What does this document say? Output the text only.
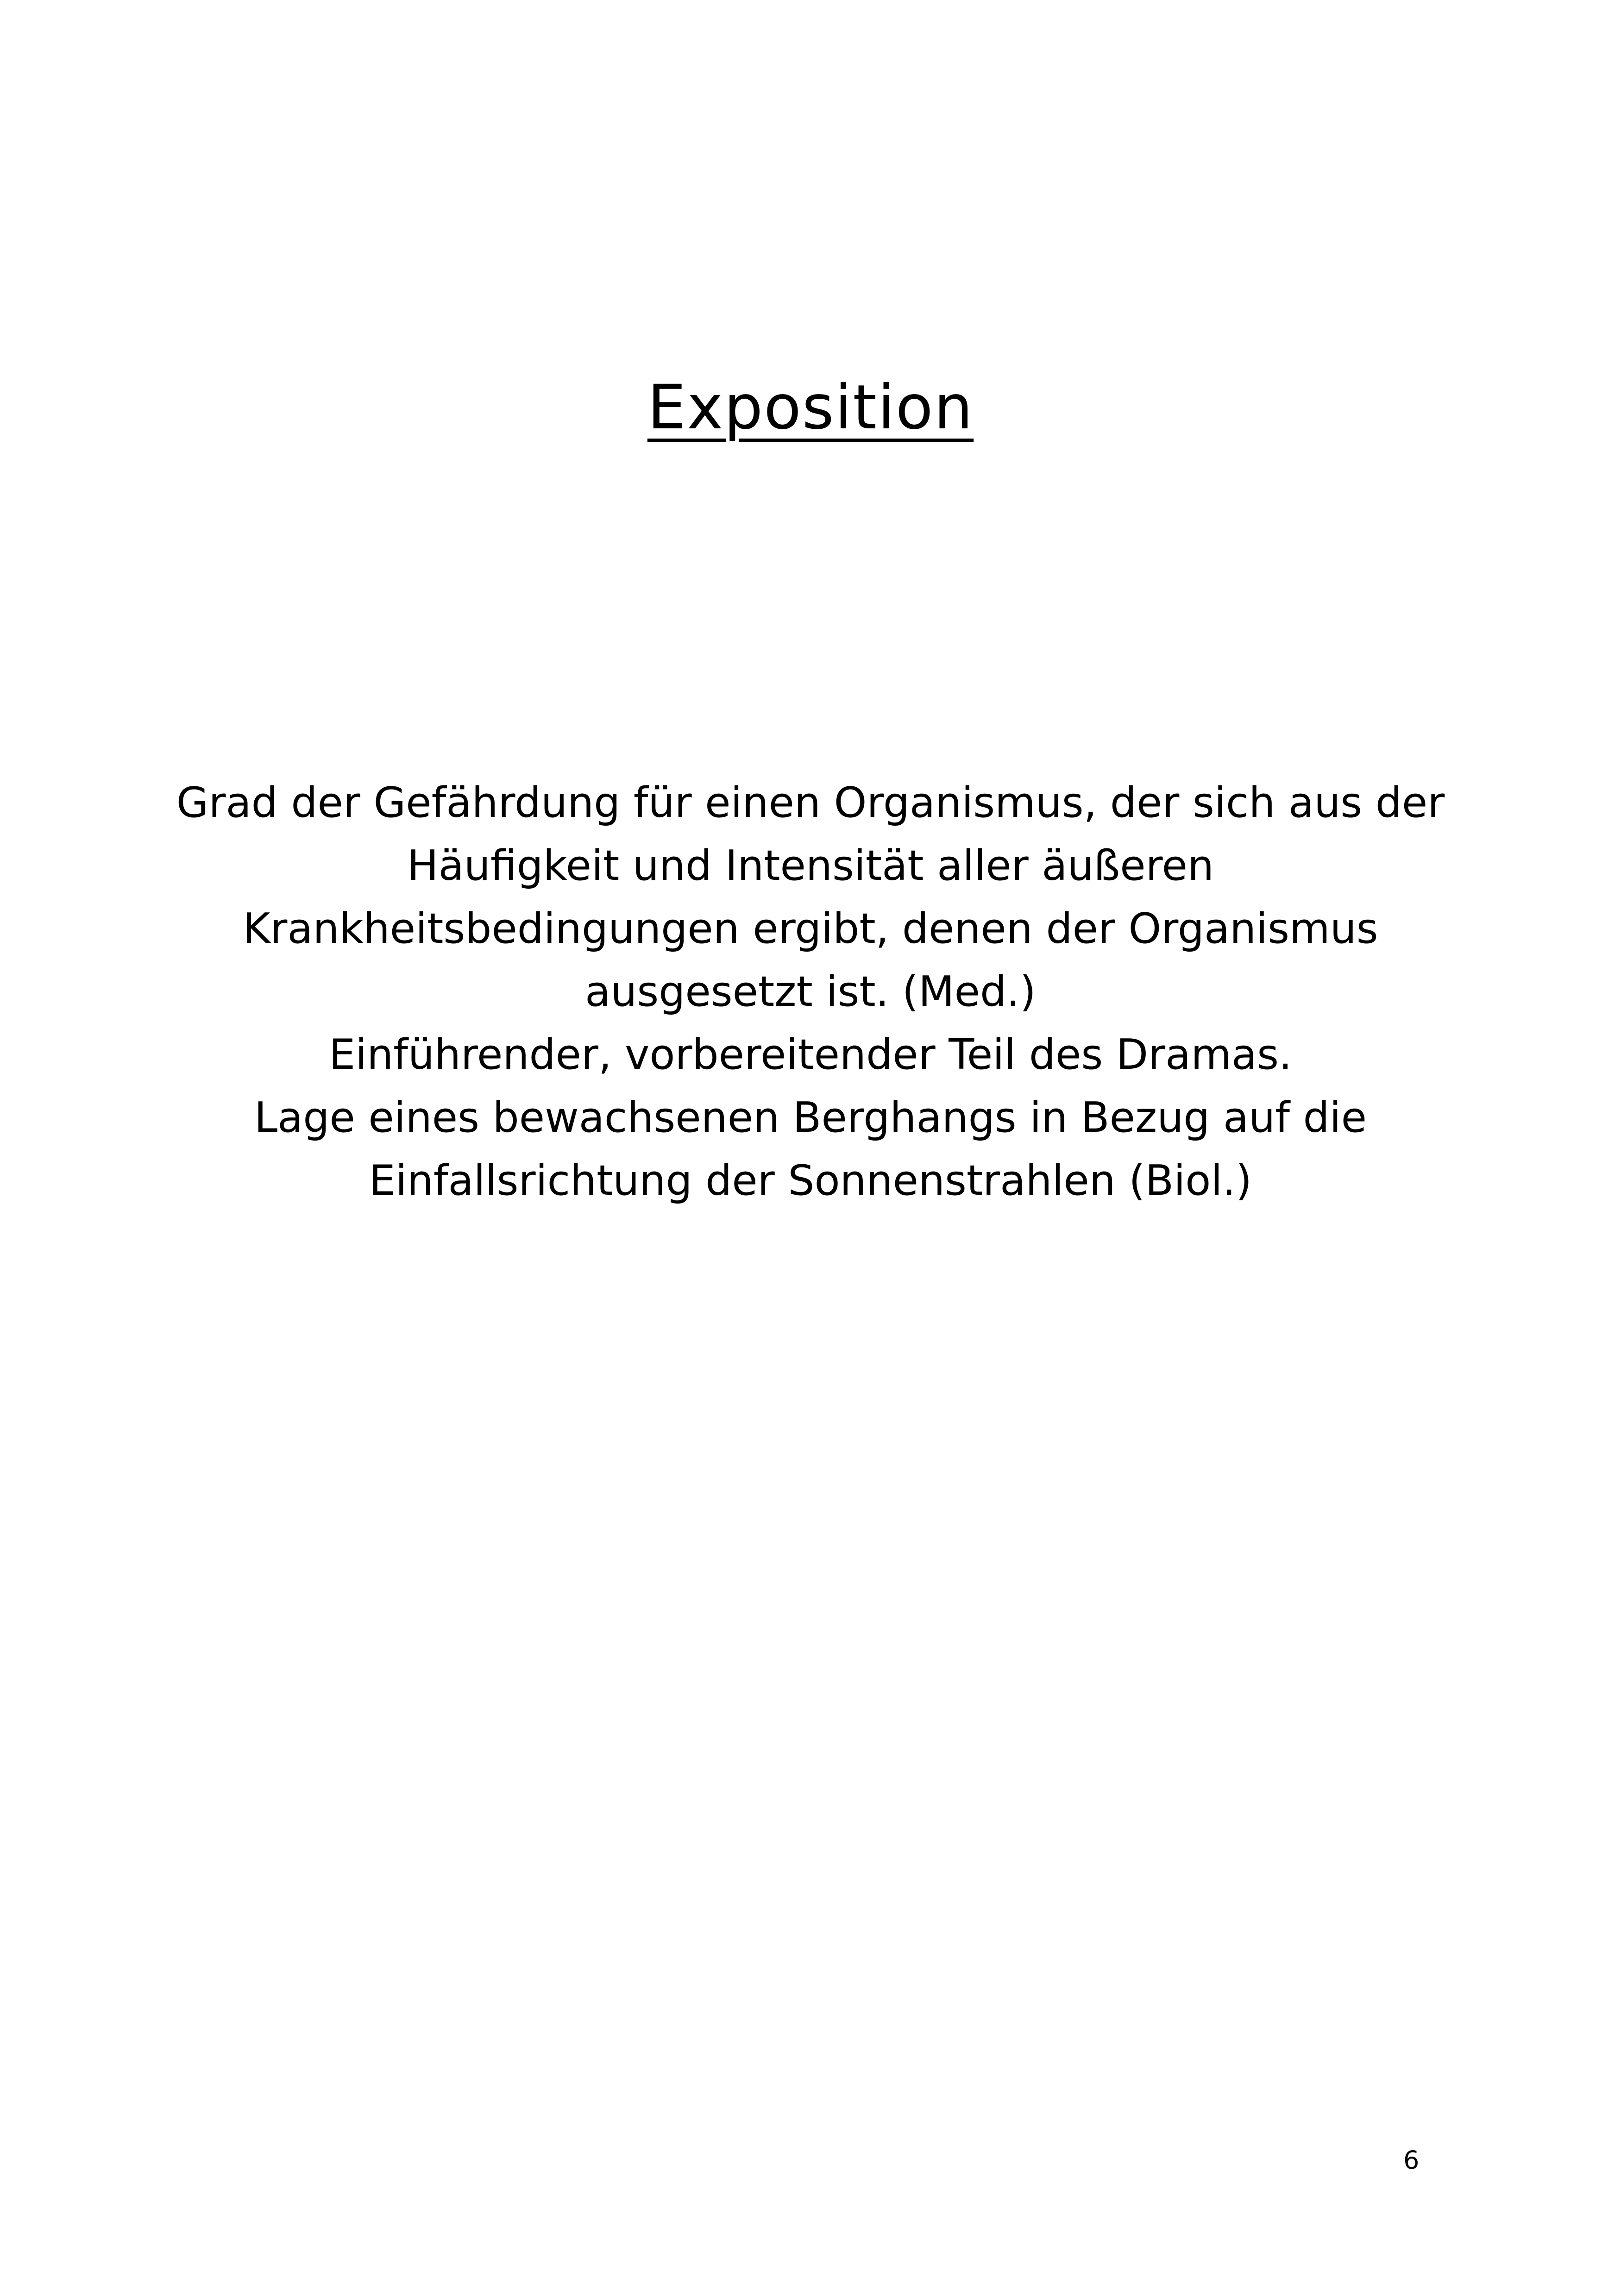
Exposition
Grad der Gefährdung für einen Organismus, der sich aus der
Häufigkeit und Intensität aller äußeren
Krankheitsbedingungen ergibt, denen der Organismus
ausgesetzt ist. (Med.)
Einführender, vorbereitender Teil des Dramas.
Lage eines bewachsenen Berghangs in Bezug auf die
Einfallsrichtung der Sonnenstrahlen (Biol.)
6
